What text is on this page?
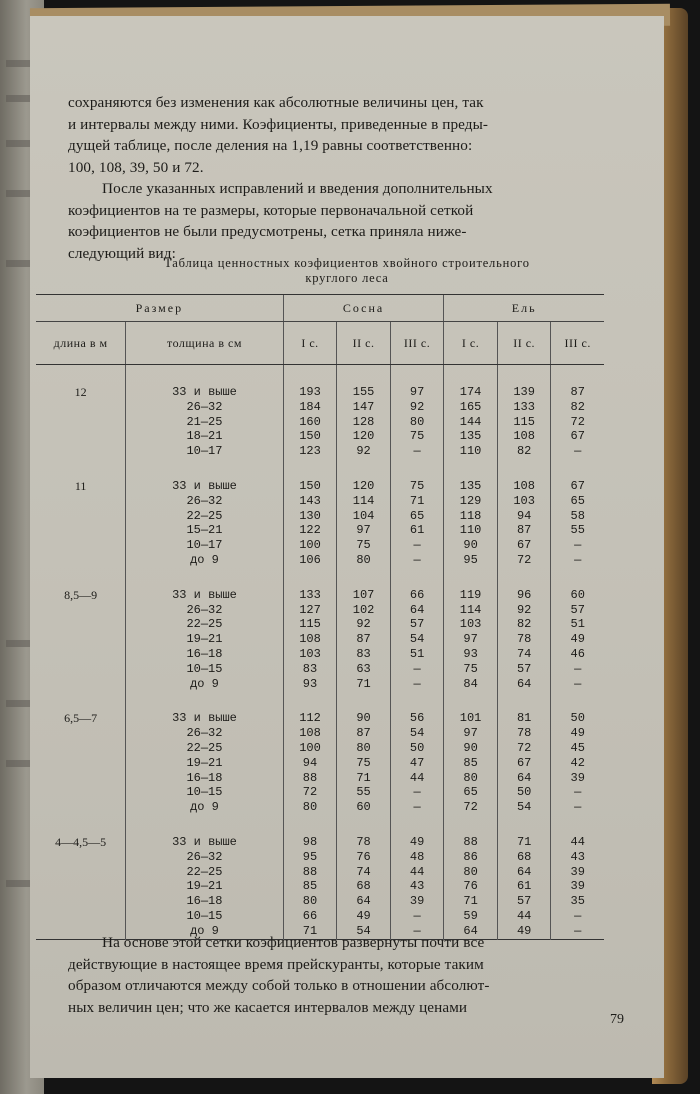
сохраняются без изменения как абсолютные величины цен, так
и интервалы между ними. Коэфициенты, приведенные в преды-
дущей таблице, после деления на 1,19 равны соответственно:
100, 108, 39, 50 и 72.
После указанных исправлений и введения дополнительных
коэфициентов на те размеры, которые первоначальной сеткой
коэфициентов не были предусмотрены, сетка приняла нижe-
следующий вид:
Таблица ценностных коэфициентов хвойного строительного
круглого леса
Размер		Сосна			Ель		
длина в м	толщина в см	I с.	II с.	III с.	I с.	II с.	III с.

12	33 и выше	193	155	97	174	139	87
	26—32	184	147	92	165	133	82
	21—25	160	128	80	144	115	72
	18—21	150	120	75	135	108	67
	10—17	123	92	—	110	82	—

11	33 и выше	150	120	75	135	108	67
	26—32	143	114	71	129	103	65
	22—25	130	104	65	118	94	58
	15—21	122	97	61	110	87	55
	10—17	100	75	—	90	67	—
	до 9	106	80	—	95	72	—

8,5—9	33 и выше	133	107	66	119	96	60
	26—32	127	102	64	114	92	57
	22—25	115	92	57	103	82	51
	19—21	108	87	54	97	78	49
	16—18	103	83	51	93	74	46
	10—15	83	63	—	75	57	—
	до 9	93	71	—	84	64	—

6,5—7	33 и выше	112	90	56	101	81	50
	26—32	108	87	54	97	78	49
	22—25	100	80	50	90	72	45
	19—21	94	75	47	85	67	42
	16—18	88	71	44	80	64	39
	10—15	72	55	—	65	50	—
	до 9	80	60	—	72	54	—

4—4,5—5	33 и выше	98	78	49	88	71	44
	26—32	95	76	48	86	68	43
	22—25	88	74	44	80	64	39
	19—21	85	68	43	76	61	39
	16—18	80	64	39	71	57	35
	10—15	66	49	—	59	44	—
	до 9	71	54	—	64	49	—
На основе этой сетки коэфициентов развернуты почти все
действующие в настоящее время прейскуранты, которые таким
образом отличаются между собой только в отношении абсолют-
ных величин цен; что же касается интервалов между ценами
79
